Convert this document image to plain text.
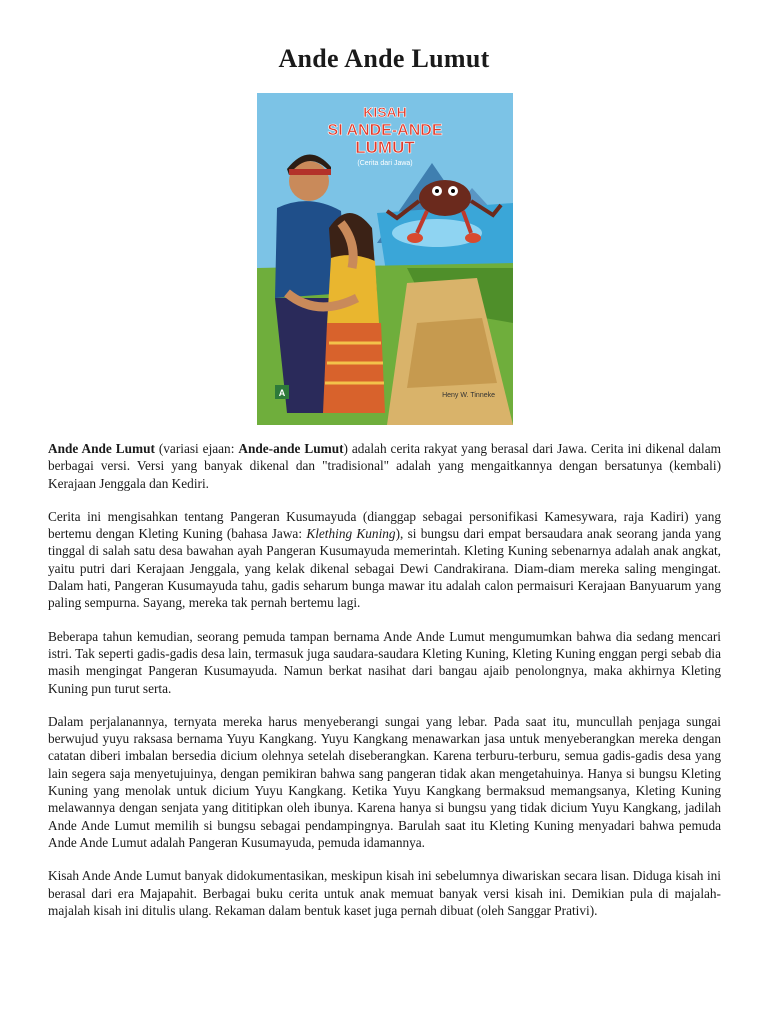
Ande Ande Lumut
KISAH
SI ANDE-ANDE
LUMUT
(Cerita dari Jawa)
A	Heny W. Tinneke

Ande Ande Lumut (variasi ejaan: Ande-ande Lumut) adalah cerita rakyat yang berasal dari Jawa. Cerita ini dikenal dalam berbagai versi. Versi yang banyak dikenal dan "tradisional" adalah yang mengaitkannya dengan bersatunya (kembali) Kerajaan Jenggala dan Kediri.

Cerita ini mengisahkan tentang Pangeran Kusumayuda (dianggap sebagai personifikasi Kamesywara, raja Kadiri) yang bertemu dengan Kleting Kuning (bahasa Jawa: Klething Kuning), si bungsu dari empat bersaudara anak seorang janda yang tinggal di salah satu desa bawahan ayah Pangeran Kusumayuda memerintah. Kleting Kuning sebenarnya adalah anak angkat, yaitu putri dari Kerajaan Jenggala, yang kelak dikenal sebagai Dewi Candrakirana. Diam-diam mereka saling mengingat. Dalam hati, Pangeran Kusumayuda tahu, gadis seharum bunga mawar itu adalah calon permaisuri Kerajaan Banyuarum yang paling sempurna. Sayang, mereka tak pernah bertemu lagi.

Beberapa tahun kemudian, seorang pemuda tampan bernama Ande Ande Lumut mengumumkan bahwa dia sedang mencari istri. Tak seperti gadis-gadis desa lain, termasuk juga saudara-saudara Kleting Kuning, Kleting Kuning enggan pergi sebab dia masih mengingat Pangeran Kusumayuda. Namun berkat nasihat dari bangau ajaib penolongnya, maka akhirnya Kleting Kuning pun turut serta.

Dalam perjalanannya, ternyata mereka harus menyeberangi sungai yang lebar. Pada saat itu, muncullah penjaga sungai berwujud yuyu raksasa bernama Yuyu Kangkang. Yuyu Kangkang menawarkan jasa untuk menyeberangkan mereka dengan catatan diberi imbalan bersedia dicium olehnya setelah diseberangkan. Karena terburu-terburu, semua gadis-gadis desa yang lain segera saja menyetujuinya, dengan pemikiran bahwa sang pangeran tidak akan mengetahuinya. Hanya si bungsu Kleting Kuning yang menolak untuk dicium Yuyu Kangkang. Ketika Yuyu Kangkang bermaksud memangsanya, Kleting Kuning melawannya dengan senjata yang dititipkan oleh ibunya. Karena hanya si bungsu yang tidak dicium Yuyu Kangkang, jadilah Ande Ande Lumut memilih si bungsu sebagai pendampingnya. Barulah saat itu Kleting Kuning menyadari bahwa pemuda Ande Ande Lumut adalah Pangeran Kusumayuda, pemuda idamannya.

Kisah Ande Ande Lumut banyak didokumentasikan, meskipun kisah ini sebelumnya diwariskan secara lisan. Diduga kisah ini berasal dari era Majapahit. Berbagai buku cerita untuk anak memuat banyak versi kisah ini. Demikian pula di majalah-majalah kisah ini ditulis ulang. Rekaman dalam bentuk kaset juga pernah dibuat (oleh Sanggar Prativi).
